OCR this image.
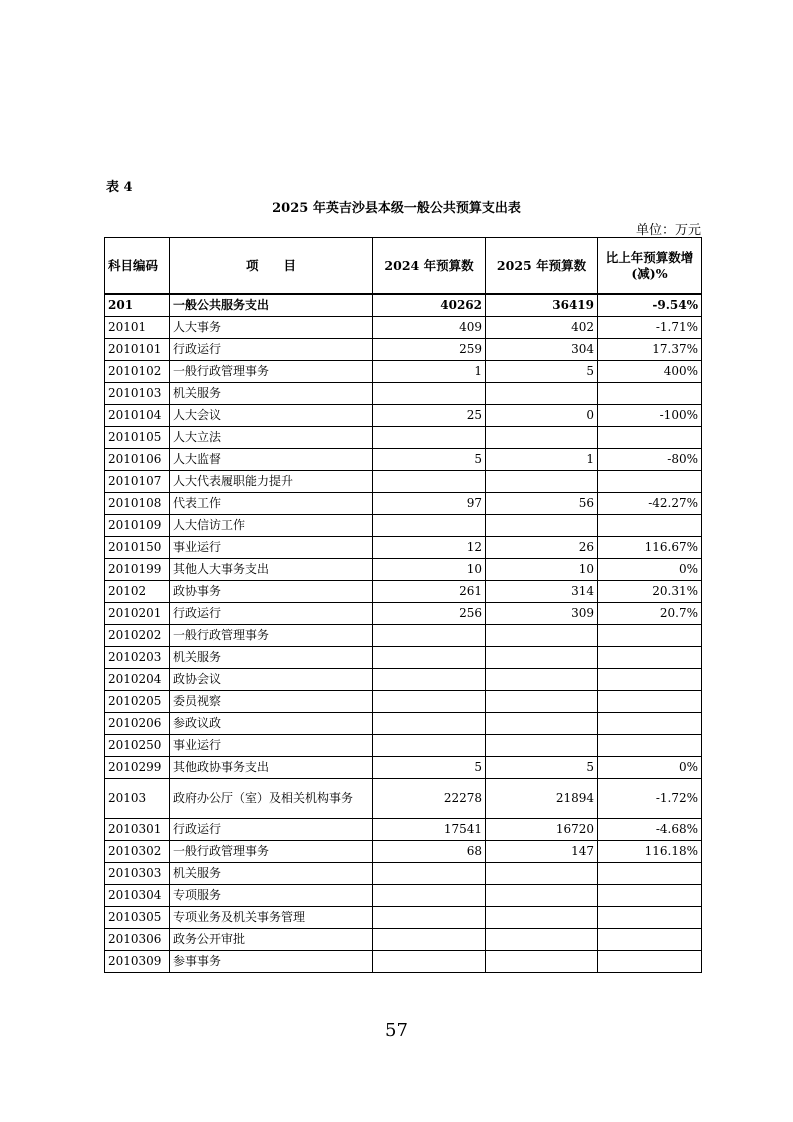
表 4
2025 年英吉沙县本级一般公共预算支出表
单位：万元
科目编码	项　　目	2024 年预算数	2025 年预算数	比上年预算数增(减)%
201	一般公共服务支出	40262	36419	-9.54%
20101	人大事务	409	402	-1.71%
2010101	行政运行	259	304	17.37%
2010102	一般行政管理事务	1	5	400%
2010103	机关服务			
2010104	人大会议	25	0	-100%
2010105	人大立法			
2010106	人大监督	5	1	-80%
2010107	人大代表履职能力提升			
2010108	代表工作	97	56	-42.27%
2010109	人大信访工作			
2010150	事业运行	12	26	116.67%
2010199	其他人大事务支出	10	10	0%
20102	政协事务	261	314	20.31%
2010201	行政运行	256	309	20.7%
2010202	一般行政管理事务			
2010203	机关服务			
2010204	政协会议			
2010205	委员视察			
2010206	参政议政			
2010250	事业运行			
2010299	其他政协事务支出	5	5	0%
20103	政府办公厅（室）及相关机构事务	22278	21894	-1.72%
2010301	行政运行	17541	16720	-4.68%
2010302	一般行政管理事务	68	147	116.18%
2010303	机关服务			
2010304	专项服务			
2010305	专项业务及机关事务管理			
2010306	政务公开审批			
2010309	参事事务			
57
